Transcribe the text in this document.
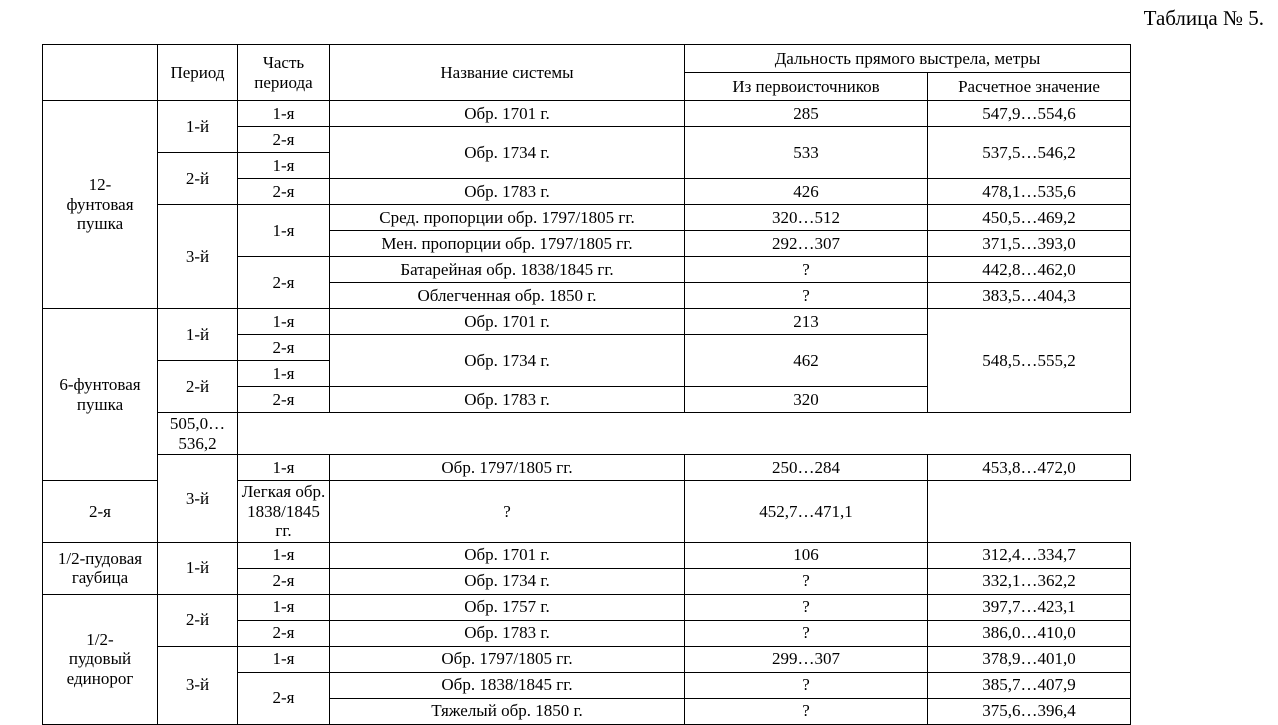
Таблица № 5.
	Период	Часть периода	Название системы	Дальность прямого выстрела, метры	
				Из первоисточников	Расчетное значение
12-
фунтовая
пушка	1-й	1-я	Обр. 1701 г.	285	547,9…554,6
		2-я	Обр. 1734 г.	533	537,5…546,2
	2-й	1-я			
		2-я	Обр. 1783 г.	426	478,1…535,6
	3-й	1-я	Сред. пропорции обр. 1797/1805 гг.	320…512	450,5…469,2
			Мен. пропорции обр. 1797/1805 гг.	292…307	371,5…393,0
		2-я	Батарейная обр. 1838/1845 гг.	?	442,8…462,0
			Облегченная обр. 1850 г.	?	383,5…404,3
6-фунтовая
пушка	1-й	1-я	Обр. 1701 г.	213	548,5…555,2
		2-я	Обр. 1734 г.	462	
	2-й	1-я			
		2-я	Обр. 1783 г.	320	
	505,0…536,2				
	3-й	1-я	Обр. 1797/1805 гг.	250…284	453,8…472,0
2-я		Легкая обр. 1838/1845 гг.	?	452,7…471,1	
1/2-пудовая
гаубица	1-й	1-я	Обр. 1701 г.	106	312,4…334,7
		2-я	Обр. 1734 г.	?	332,1…362,2
1/2-
пудовый
единорог	2-й	1-я	Обр. 1757 г.	?	397,7…423,1
		2-я	Обр. 1783 г.	?	386,0…410,0
	3-й	1-я	Обр. 1797/1805 гг.	299…307	378,9…401,0
		2-я	Обр. 1838/1845 гг.	?	385,7…407,9
			Тяжелый обр. 1850 г.	?	375,6…396,4
